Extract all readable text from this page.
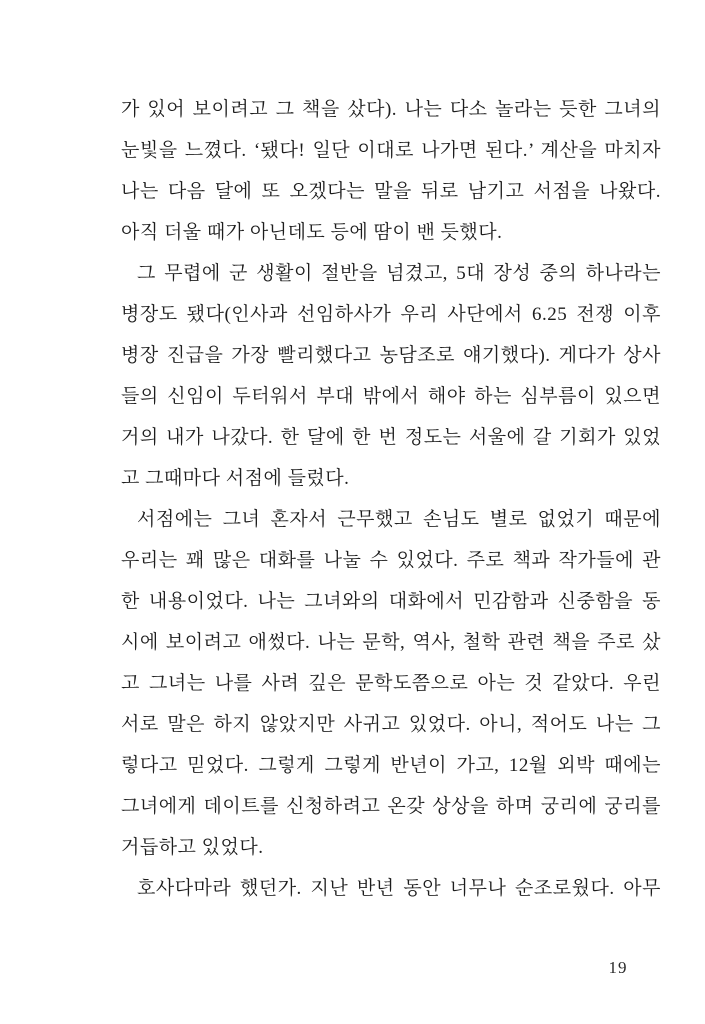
가 있어 보이려고 그 책을 샀다). 나는 다소 놀라는 듯한 그녀의
눈빛을 느꼈다. ‘됐다! 일단 이대로 나가면 된다.’ 계산을 마치자
나는 다음 달에 또 오겠다는 말을 뒤로 남기고 서점을 나왔다.
아직 더울 때가 아닌데도 등에 땀이 밴 듯했다.
그 무렵에 군 생활이 절반을 넘겼고, 5대 장성 중의 하나라는
병장도 됐다(인사과 선임하사가 우리 사단에서 6.25 전쟁 이후
병장 진급을 가장 빨리했다고 농담조로 얘기했다). 게다가 상사
들의 신임이 두터워서 부대 밖에서 해야 하는 심부름이 있으면
거의 내가 나갔다. 한 달에 한 번 정도는 서울에 갈 기회가 있었
고 그때마다 서점에 들렀다.
서점에는 그녀 혼자서 근무했고 손님도 별로 없었기 때문에
우리는 꽤 많은 대화를 나눌 수 있었다. 주로 책과 작가들에 관
한 내용이었다. 나는 그녀와의 대화에서 민감함과 신중함을 동
시에 보이려고 애썼다. 나는 문학, 역사, 철학 관련 책을 주로 샀
고 그녀는 나를 사려 깊은 문학도쯤으로 아는 것 같았다. 우린
서로 말은 하지 않았지만 사귀고 있었다. 아니, 적어도 나는 그
렇다고 믿었다. 그렇게 그렇게 반년이 가고, 12월 외박 때에는
그녀에게 데이트를 신청하려고 온갖 상상을 하며 궁리에 궁리를
거듭하고 있었다.
호사다마라 했던가. 지난 반년 동안 너무나 순조로웠다. 아무
19
